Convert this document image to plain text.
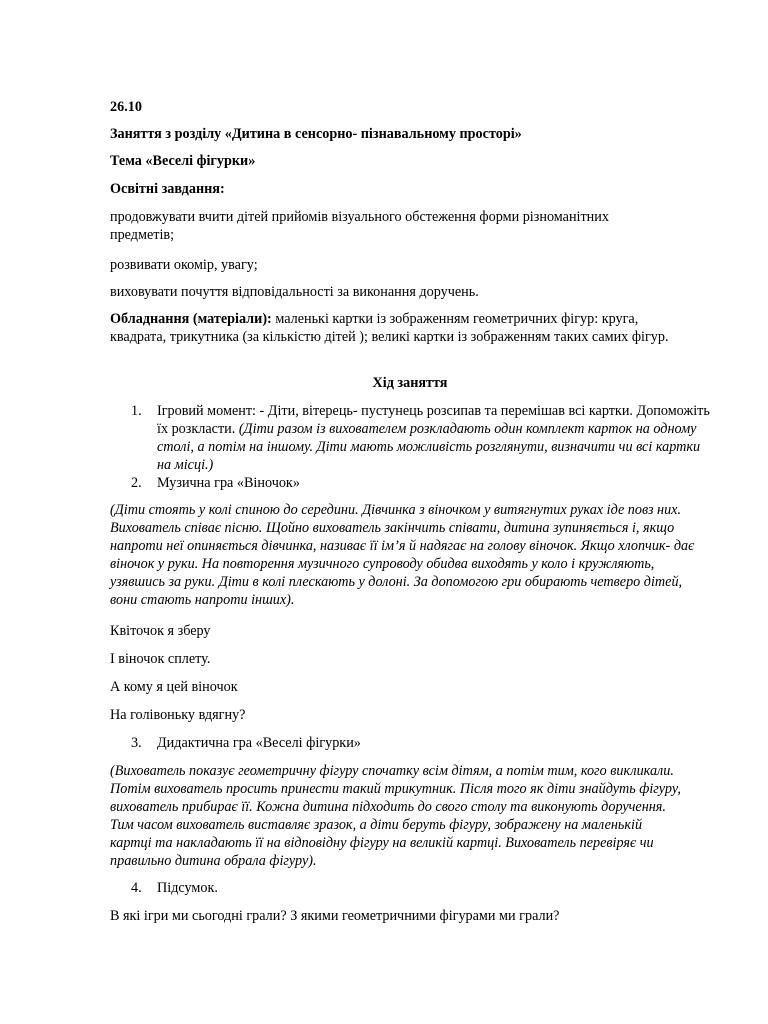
26.10

Заняття з розділу «Дитина в сенсорно- пізнавальному просторі»

Тема «Веселі фігурки»

Освітні завдання:

продовжувати вчити дітей прийомів візуального обстеження форми різноманітних предметів;

розвивати окомір, увагу;

виховувати почуття відповідальності за виконання доручень.

Обладнання (матеріали): маленькі картки із зображенням геометричних фігур: круга, квадрата, трикутника (за кількістю дітей ); великі картки із зображенням таких самих фігур.

Хід заняття

1. Ігровий момент: - Діти, вітерець- пустунець розсипав та перемішав всі картки. Допоможіть їх розкласти. (Діти разом із вихователем розкладають один комплект карток на одному столі, а потім на іншому. Діти мають можливість розглянути, визначити чи всі картки на місці.)

2. Музична гра «Віночок»

(Діти стоять у колі спиною до середини. Дівчинка з віночком у витягнутих руках іде повз них. Вихователь співає пісню. Щойно вихователь закінчить співати, дитина зупиняється і, якщо напроти неї опиняється дівчинка, називає її ім’я й надягає на голову віночок. Якщо хлопчик- дає віночок у руки. На повторення музичного супроводу обидва виходять у коло і кружляють, узявшись за руки. Діти в колі плескають у долоні. За допомогою гри обирають четверо дітей, вони стають напроти інших).

Квіточок я зберу

І віночок сплету.

А кому я цей віночок

На голівоньку вдягну?

3. Дидактична гра «Веселі фігурки»

(Вихователь показує геометричну фігуру спочатку всім дітям, а потім тим, кого викликали. Потім вихователь просить принести такий трикутник. Після того як діти знайдуть фігуру, вихователь прибирає її. Кожна дитина підходить до свого столу та виконують доручення. Тим часом вихователь виставляє зразок, а діти беруть фігуру, зображену на маленькій картці та накладають її на відповідну фігуру на великій картці. Вихователь перевіряє чи правильно дитина обрала фігуру).

4. Підсумок.

В які ігри ми сьогодні грали? З якими геометричними фігурами ми грали?
